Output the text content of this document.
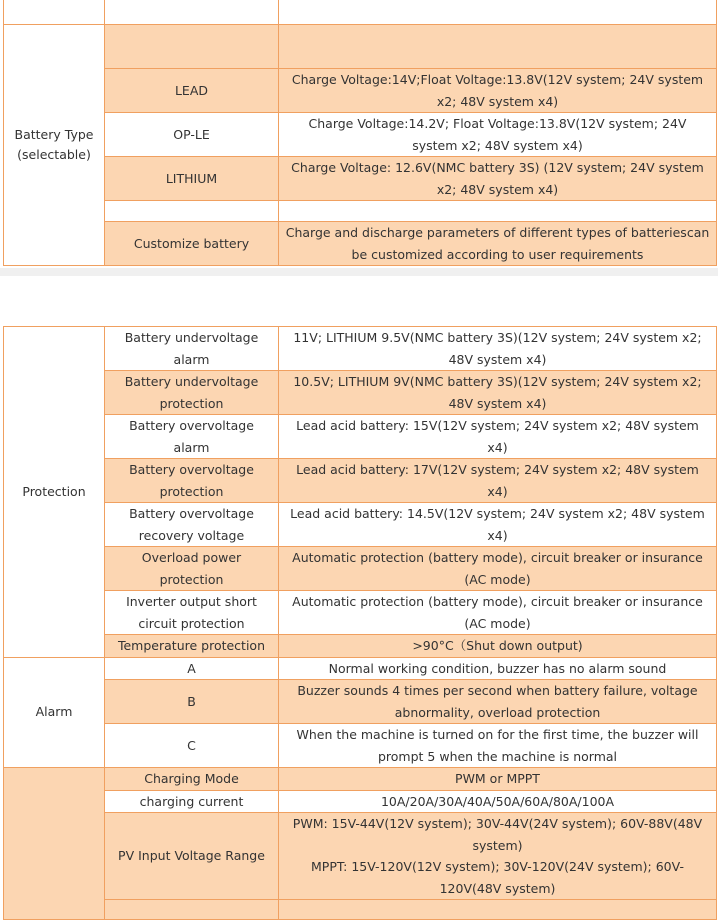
Battery Type
(selectable)		
	LEAD	Charge Voltage:14V;Float Voltage:13.8V(12V system; 24V system x2; 48V system x4)
	OP-LE	Charge Voltage:14.2V; Float Voltage:13.8V(12V system; 24V system x2; 48V system x4)
	LITHIUM	Charge Voltage: 12.6V(NMC battery 3S) (12V system; 24V system x2; 48V system x4)

	Customize battery	Charge and discharge parameters of different types of batteriescan be customized according to user requirements
Protection	Battery undervoltage alarm	11V; LITHIUM 9.5V(NMC battery 3S)(12V system; 24V system x2; 48V system x4)
	Battery undervoltage protection	10.5V; LITHIUM 9V(NMC battery 3S)(12V system; 24V system x2; 48V system x4)
	Battery overvoltage alarm	Lead acid battery: 15V(12V system; 24V system x2; 48V system x4)
	Battery overvoltage protection	Lead acid battery: 17V(12V system; 24V system x2; 48V system x4)
	Battery overvoltage recovery voltage	Lead acid battery: 14.5V(12V system; 24V system x2; 48V system x4)
	Overload power protection	Automatic protection (battery mode), circuit breaker or insurance (AC mode)
	Inverter output short circuit protection	Automatic protection (battery mode), circuit breaker or insurance (AC mode)
	Temperature protection	>90°C（Shut down output)
Alarm	A	Normal working condition, buzzer has no alarm sound
	B	Buzzer sounds 4 times per second when battery failure, voltage abnormality, overload protection
	C	When the machine is turned on for the first time, the buzzer will prompt 5 when the machine is normal
	Charging Mode	PWM or MPPT
	charging current	10A/20A/30A/40A/50A/60A/80A/100A
	PV Input Voltage Range	PWM: 15V-44V(12V system); 30V-44V(24V system); 60V-88V(48V system)
MPPT: 15V-120V(12V system); 30V-120V(24V system); 60V-120V(48V system)
